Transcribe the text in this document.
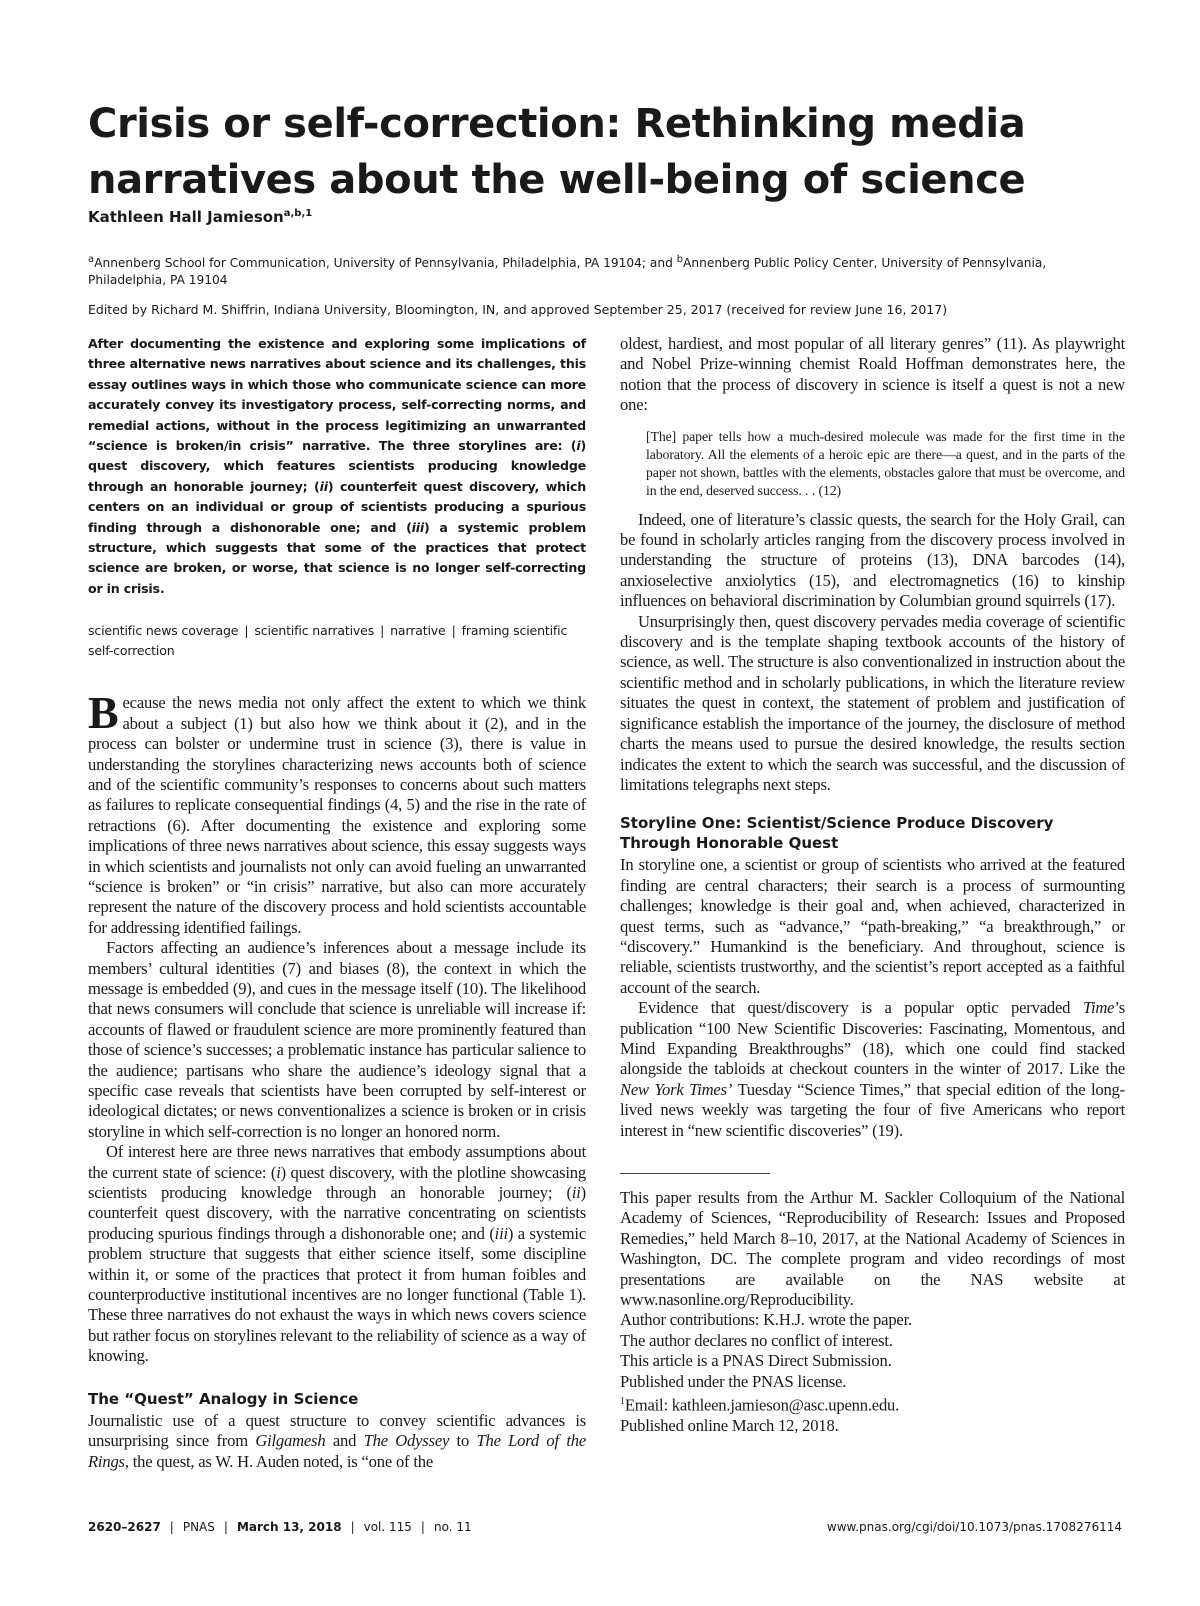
Crisis or self-correction: Rethinking media narratives about the well-being of science
Kathleen Hall Jamieson$^{a,b,1}$
$^a$Annenberg School for Communication, University of Pennsylvania, Philadelphia, PA 19104; and $^b$Annenberg Public Policy Center, University of Pennsylvania, Philadelphia, PA 19104
Edited by Richard M. Shiffrin, Indiana University, Bloomington, IN, and approved September 25, 2017 (received for review June 16, 2017)

After documenting the existence and exploring some implications of three alternative news narratives about science and its challenges, this essay outlines ways in which those who communicate science can more accurately convey its investigatory process, self-correcting norms, and remedial actions, without in the process legitimizing an unwarranted “science is broken/in crisis” narrative. The three storylines are: (i) quest discovery, which features scientists producing knowledge through an honorable journey; (ii) counterfeit quest discovery, which centers on an individual or group of scientists producing a spurious finding through a dishonorable one; and (iii) a systemic problem structure, which suggests that some of the practices that protect science are broken, or worse, that science is no longer self-correcting or in crisis.

scientific news coverage | scientific narratives | narrative | framing scientific self-correction

Because the news media not only affect the extent to which we think about a subject (1) but also how we think about it (2), and in the process can bolster or undermine trust in science (3), there is value in understanding the storylines characterizing news accounts both of science and of the scientific community’s responses to concerns about such matters as failures to replicate consequential findings (4, 5) and the rise in the rate of retractions (6). After documenting the existence and exploring some implications of three news narratives about science, this essay suggests ways in which scientists and journalists not only can avoid fueling an unwarranted “science is broken” or “in crisis” narrative, but also can more accurately represent the nature of the discovery process and hold scientists accountable for addressing identified failings.

Factors affecting an audience’s inferences about a message include its members’ cultural identities (7) and biases (8), the context in which the message is embedded (9), and cues in the message itself (10). The likelihood that news consumers will conclude that science is unreliable will increase if: accounts of flawed or fraudulent science are more prominently featured than those of science’s successes; a problematic instance has particular salience to the audience; partisans who share the audience’s ideology signal that a specific case reveals that scientists have been corrupted by self-interest or ideological dictates; or news conventionalizes a science is broken or in crisis storyline in which self-correction is no longer an honored norm.

Of interest here are three news narratives that embody assumptions about the current state of science: (i) quest discovery, with the plotline showcasing scientists producing knowledge through an honorable journey; (ii) counterfeit quest discovery, with the narrative concentrating on scientists producing spurious findings through a dishonorable one; and (iii) a systemic problem structure that suggests that either science itself, some discipline within it, or some of the practices that protect it from human foibles and counterproductive institutional incentives are no longer functional (Table 1). These three narratives do not exhaust the ways in which news covers science but rather focus on storylines relevant to the reliability of science as a way of knowing.

The “Quest” Analogy in Science

Journalistic use of a quest structure to convey scientific advances is unsurprising since from Gilgamesh and The Odyssey to The Lord of the Rings, the quest, as W. H. Auden noted, is “one of the

oldest, hardiest, and most popular of all literary genres” (11). As playwright and Nobel Prize-winning chemist Roald Hoffman demonstrates here, the notion that the process of discovery in science is itself a quest is not a new one:

[The] paper tells how a much-desired molecule was made for the first time in the laboratory. All the elements of a heroic epic are there—a quest, and in the parts of the paper not shown, battles with the elements, obstacles galore that must be overcome, and in the end, deserved success. . . (12)

Indeed, one of literature’s classic quests, the search for the Holy Grail, can be found in scholarly articles ranging from the discovery process involved in understanding the structure of proteins (13), DNA barcodes (14), anxioselective anxiolytics (15), and electromagnetics (16) to kinship influences on behavioral discrimination by Columbian ground squirrels (17).

Unsurprisingly then, quest discovery pervades media coverage of scientific discovery and is the template shaping textbook accounts of the history of science, as well. The structure is also conventionalized in instruction about the scientific method and in scholarly publications, in which the literature review situates the quest in context, the statement of problem and justification of significance establish the importance of the journey, the disclosure of method charts the means used to pursue the desired knowledge, the results section indicates the extent to which the search was successful, and the discussion of limitations telegraphs next steps.

Storyline One: Scientist/Science Produce Discovery Through Honorable Quest

In storyline one, a scientist or group of scientists who arrived at the featured finding are central characters; their search is a process of surmounting challenges; knowledge is their goal and, when achieved, characterized in quest terms, such as “advance,” “path-breaking,” “a breakthrough,” or “discovery.” Humankind is the beneficiary. And throughout, science is reliable, scientists trustworthy, and the scientist’s report accepted as a faithful account of the search.

Evidence that quest/discovery is a popular optic pervaded Time’s publication “100 New Scientific Discoveries: Fascinating, Momentous, and Mind Expanding Breakthroughs” (18), which one could find stacked alongside the tabloids at checkout counters in the winter of 2017. Like the New York Times’ Tuesday “Science Times,” that special edition of the long-lived news weekly was targeting the four of five Americans who report interest in “new scientific discoveries” (19).

This paper results from the Arthur M. Sackler Colloquium of the National Academy of Sciences, “Reproducibility of Research: Issues and Proposed Remedies,” held March 8–10, 2017, at the National Academy of Sciences in Washington, DC. The complete program and video recordings of most presentations are available on the NAS website at www.nasonline.org/Reproducibility.

Author contributions: K.H.J. wrote the paper.

The author declares no conflict of interest.

This article is a PNAS Direct Submission.

Published under the PNAS license.

$^1$Email: kathleen.jamieson@asc.upenn.edu.

Published online March 12, 2018.

2620–2627 | PNAS | March 13, 2018 | vol. 115 | no. 11	www.pnas.org/cgi/doi/10.1073/pnas.1708276114
